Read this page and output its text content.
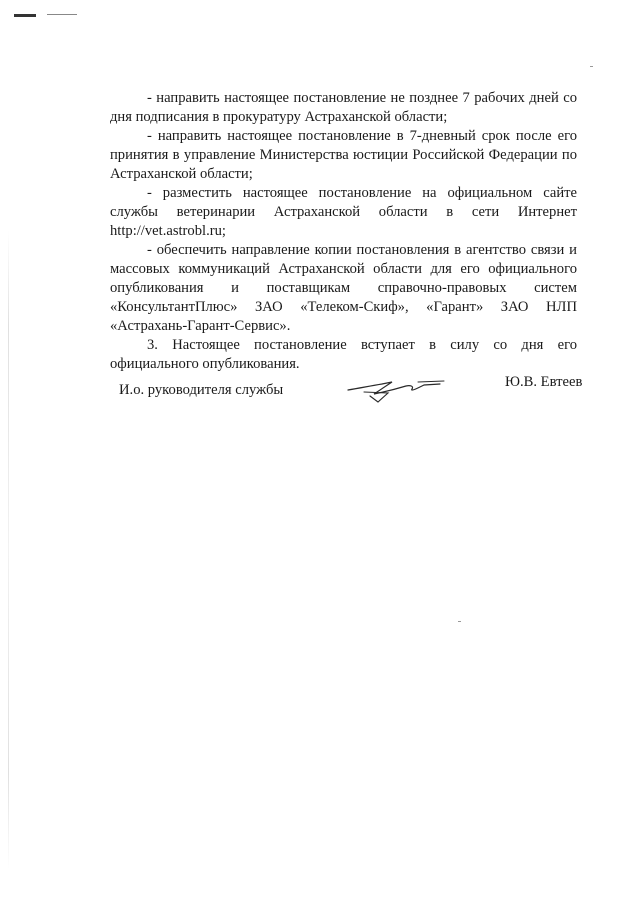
- направить настоящее постановление не позднее 7 рабочих дней со дня подписания в прокуратуру Астраханской области;

- направить настоящее постановление в 7-дневный срок после его принятия в управление Министерства юстиции Российской Федерации по Астраханской области;

- разместить настоящее постановление на официальном сайте службы ветеринарии Астраханской области в сети Интернет http://vet.astrobl.ru;

- обеспечить направление копии постановления в агентство связи и массовых коммуникаций Астраханской области для его официального опубликования и поставщикам справочно-правовых систем «КонсультантПлюс» ЗАО «Телеком-Скиф», «Гарант» ЗАО НЛП «Астрахань-Гарант-Сервис».

3. Настоящее постановление вступает в силу со дня его официального опубликования.

И.о. руководителя службы	Ю.В. Евтеев
